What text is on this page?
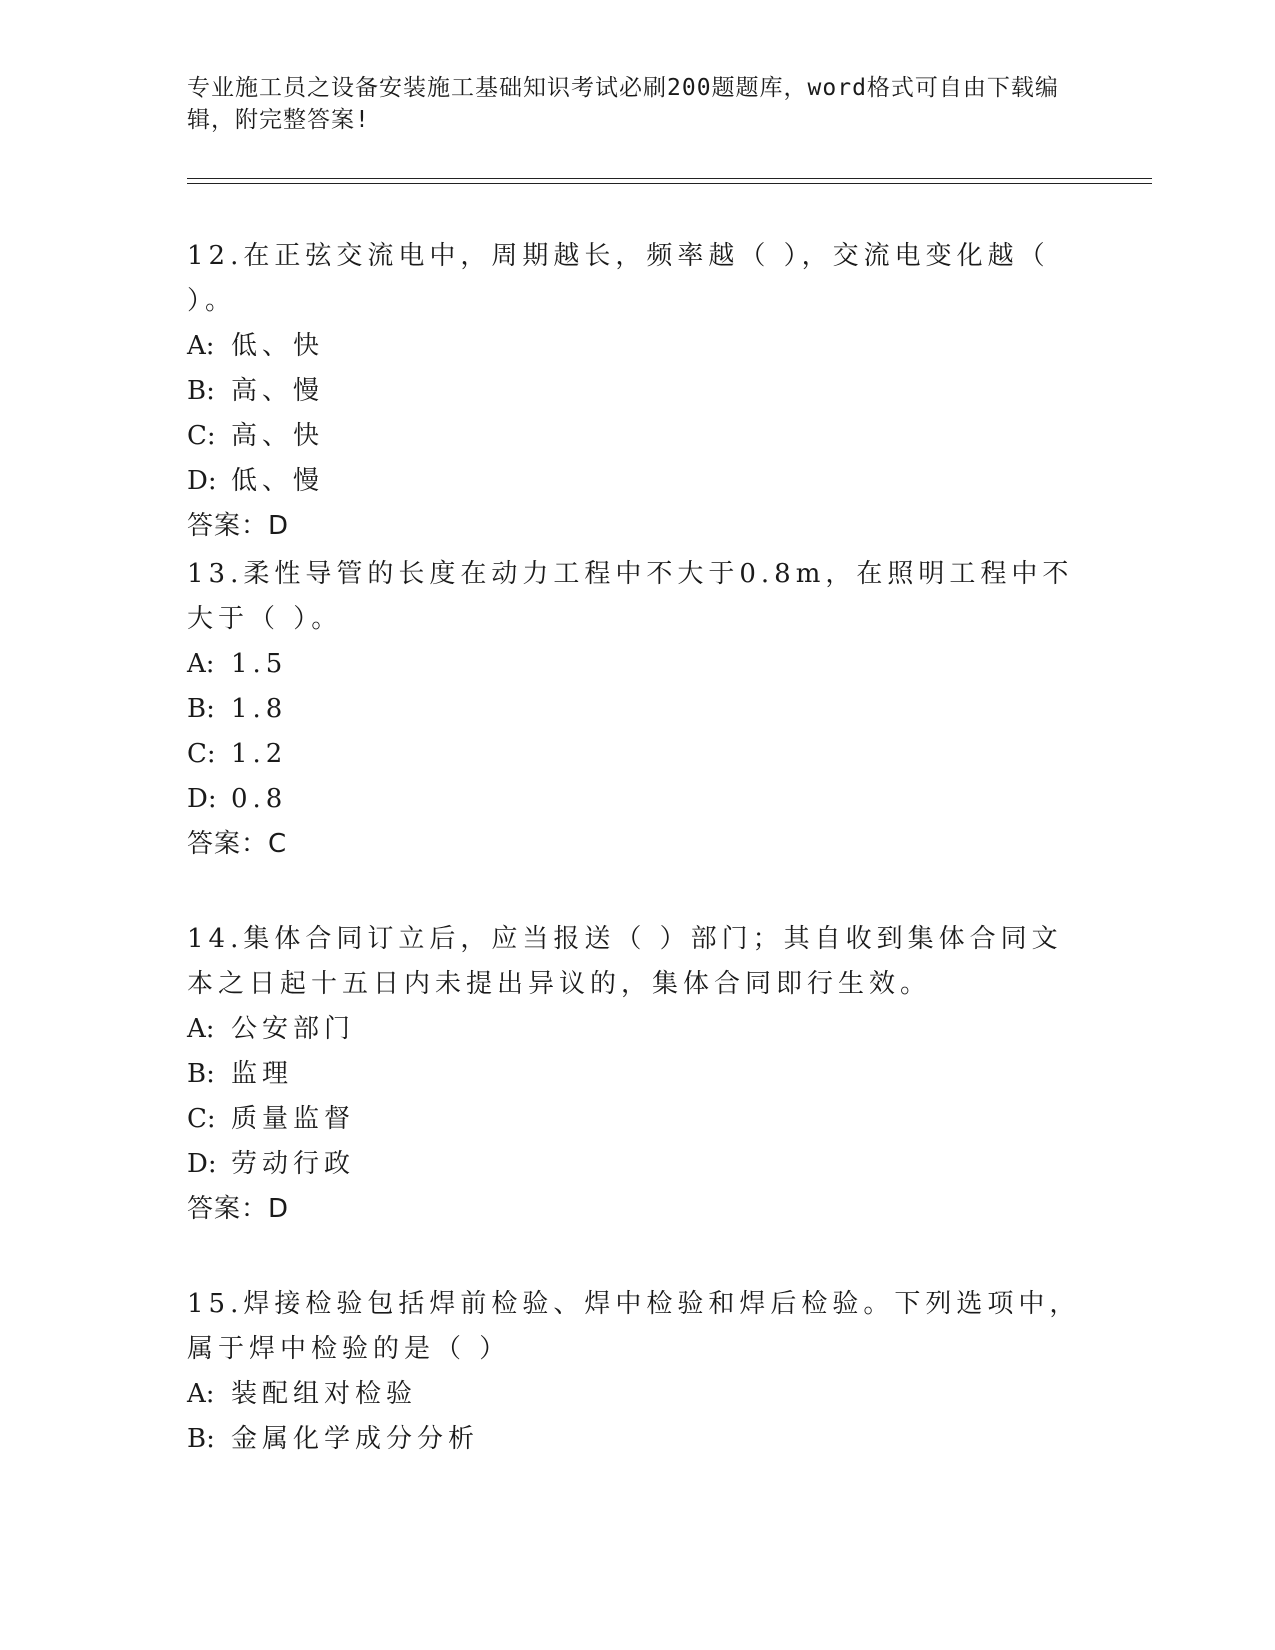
专业施工员之设备安装施工基础知识考试必刷200题题库，word格式可自由下载编辑，附完整答案!

12.在正弦交流电中，周期越长，频率越（ ），交流电变化越（ ）。

A: 低、快

B: 高、慢

C: 高、快

D: 低、慢

答案：D

13.柔性导管的长度在动力工程中不大于0.8m，在照明工程中不大于（ ）。

A: 1.5

B: 1.8

C: 1.2

D: 0.8

答案：C

14.集体合同订立后，应当报送（ ）部门；其自收到集体合同文本之日起十五日内未提出异议的，集体合同即行生效。

A: 公安部门

B: 监理

C: 质量监督

D: 劳动行政

答案：D

15.焊接检验包括焊前检验、焊中检验和焊后检验。下列选项中，属于焊中检验的是（ ）

A: 装配组对检验

B: 金属化学成分分析
